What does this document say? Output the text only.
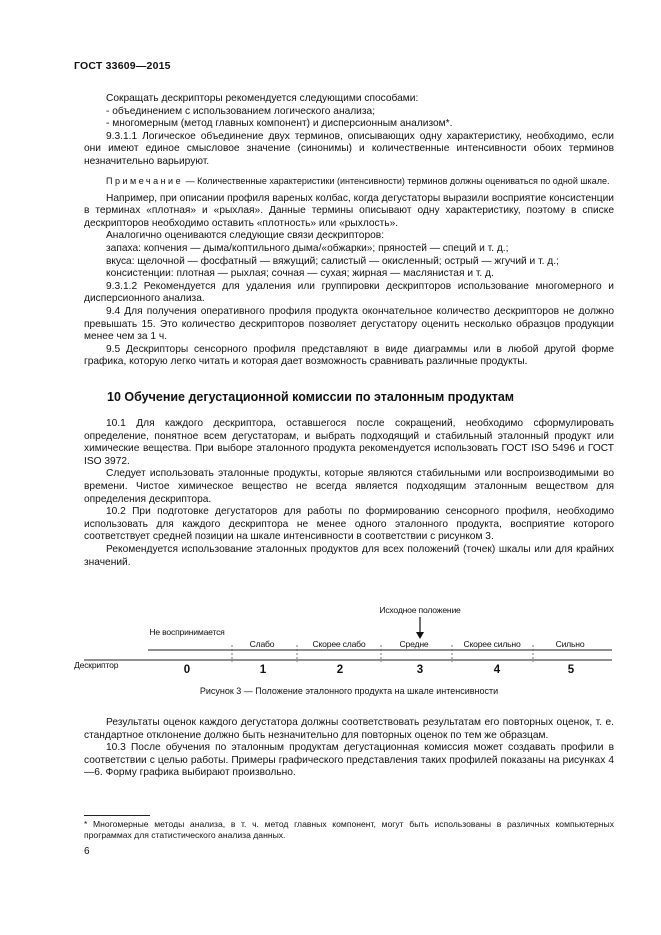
ГОСТ 33609—2015

Сокращать дескрипторы рекомендуется следующими способами:

- объединением с использованием логического анализа;

- многомерным (метод главных компонент) и дисперсионным анализом*.

9.3.1.1 Логическое объединение двух терминов, описывающих одну характеристику, необходимо, если они имеют единое смысловое значение (синонимы) и количественные интенсивности обоих терминов незначительно варьируют.

Примечание — Количественные характеристики (интенсивности) терминов должны оцениваться по одной шкале.

Например, при описании профиля вареных колбас, когда дегустаторы выразили восприятие консистенции в терминах «плотная» и «рыхлая». Данные термины описывают одну характеристику, поэтому в списке дескрипторов необходимо оставить «плотность» или «рыхлость».

Аналогично оцениваются следующие связи дескрипторов:

запаха: копчения — дыма/коптильного дыма/«обжарки»; пряностей — специй и т. д.;

вкуса: щелочной — фосфатный — вяжущий; салистый — окисленный; острый — жгучий и т. д.;

консистенции: плотная — рыхлая; сочная — сухая; жирная — маслянистая и т. д.

9.3.1.2 Рекомендуется для удаления или группировки дескрипторов использование многомерного и дисперсионного анализа.

9.4 Для получения оперативного профиля продукта окончательное количество дескрипторов не должно превышать 15. Это количество дескрипторов позволяет дегустатору оценить несколько образцов продукции менее чем за 1 ч.

9.5 Дескрипторы сенсорного профиля представляют в виде диаграммы или в любой другой форме графика, которую легко читать и которая дает возможность сравнивать различные продукты.

10 Обучение дегустационной комиссии по эталонным продуктам

10.1 Для каждого дескриптора, оставшегося после сокращений, необходимо сформулировать определение, понятное всем дегустаторам, и выбрать подходящий и стабильный эталонный продукт или химические вещества. При выборе эталонного продукта рекомендуется использовать ГОСТ ISO 5496 и ГОСТ ISO 3972.

Следует использовать эталонные продукты, которые являются стабильными или воспроизводимыми во времени. Чистое химическое вещество не всегда является подходящим эталонным веществом для определения дескриптора.

10.2 При подготовке дегустаторов для работы по формированию сенсорного профиля, необходимо использовать для каждого дескриптора не менее одного эталонного продукта, восприятие которого соответствует средней позиции на шкале интенсивности в соответствии с рисунком 3.

Рекомендуется использование эталонных продуктов для всех положений (точек) шкалы или для крайних значений.

Исходное положение
Дескриптор
Не воспринимается
Слабо	Скорее слабо	Средне	Скорее сильно	Сильно
0	1	2	3	4	5
Рисунок 3 — Положение эталонного продукта на шкале интенсивности

Результаты оценок каждого дегустатора должны соответствовать результатам его повторных оценок, т. е. стандартное отклонение должно быть незначительно для повторных оценок по тем же образцам.

10.3 После обучения по эталонным продуктам дегустационная комиссия может создавать профили в соответствии с целью работы. Примеры графического представления таких профилей показаны на рисунках 4—6. Форму графика выбирают произвольно.

* Многомерные методы анализа, в т. ч. метод главных компонент, могут быть использованы в различных компьютерных программах для статистического анализа данных.
6
